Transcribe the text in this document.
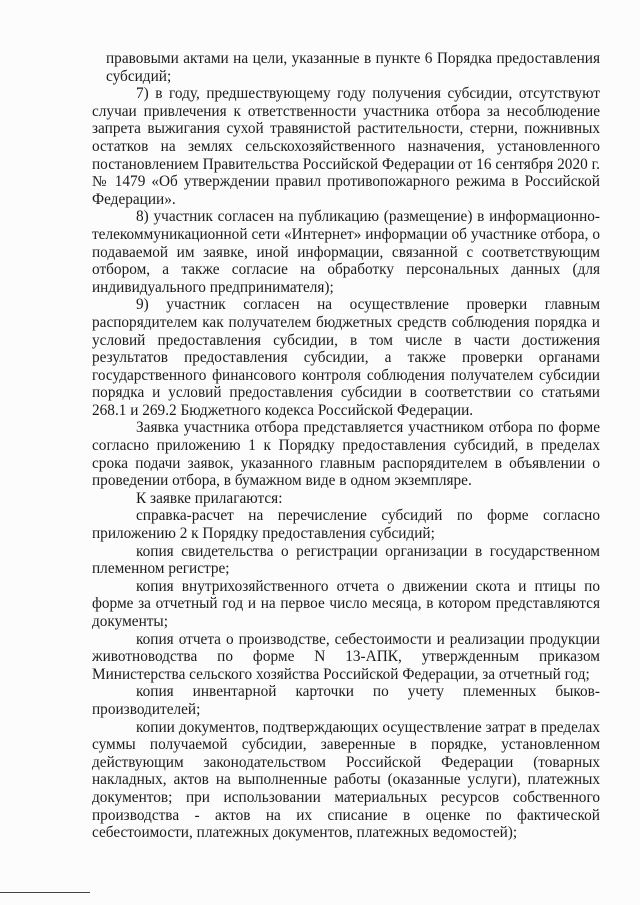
правовыми актами на цели, указанные в пункте 6 Порядка предоставления субсидий;

7) в году, предшествующему году получения субсидии, отсутствуют случаи привлечения к ответственности участника отбора за несоблюдение запрета выжигания сухой травянистой растительности, стерни, пожнивных остатков на землях сельскохозяйственного назначения, установленного постановлением Правительства Российской Федерации от 16 сентября 2020 г. № 1479 «Об утверждении правил противопожарного режима в Российской Федерации».

8) участник согласен на публикацию (размещение) в информационно-телекоммуникационной сети «Интернет» информации об участнике отбора, о подаваемой им заявке, иной информации, связанной с соответствующим отбором, а также согласие на обработку персональных данных (для индивидуального предпринимателя);

9) участник согласен на осуществление проверки главным распорядителем как получателем бюджетных средств соблюдения порядка и условий предоставления субсидии, в том числе в части достижения результатов предоставления субсидии, а также проверки органами государственного финансового контроля соблюдения получателем субсидии порядка и условий предоставления субсидии в соответствии со статьями 268.1 и 269.2 Бюджетного кодекса Российской Федерации.

Заявка участника отбора представляется участником отбора по форме согласно приложению 1 к Порядку предоставления субсидий, в пределах срока подачи заявок, указанного главным распорядителем в объявлении о проведении отбора, в бумажном виде в одном экземпляре.

К заявке прилагаются:

справка-расчет на перечисление субсидий по форме согласно приложению 2 к Порядку предоставления субсидий;

копия свидетельства о регистрации организации в государственном племенном регистре;

копия внутрихозяйственного отчета о движении скота и птицы по форме за отчетный год и на первое число месяца, в котором представляются документы;

копия отчета о производстве, себестоимости и реализации продукции животноводства по форме N 13-АПК, утвержденным приказом Министерства сельского хозяйства Российской Федерации, за отчетный год;

копия инвентарной карточки по учету племенных быков-производителей;

копии документов, подтверждающих осуществление затрат в пределах суммы получаемой субсидии, заверенные в порядке, установленном действующим законодательством Российской Федерации (товарных накладных, актов на выполненные работы (оказанные услуги), платежных документов; при использовании материальных ресурсов собственного производства - актов на их списание в оценке по фактической себестоимости, платежных документов, платежных ведомостей);
